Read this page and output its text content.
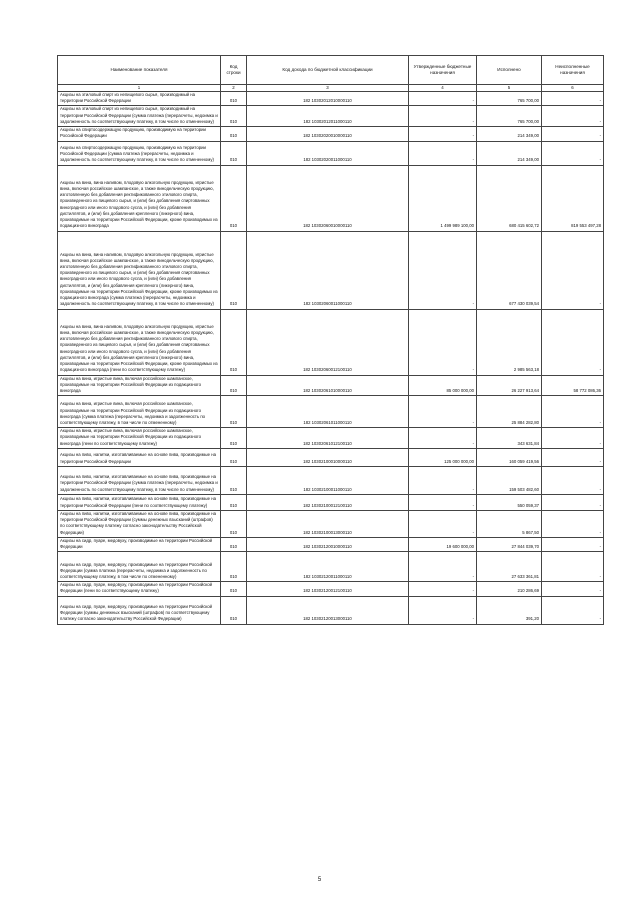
Наименование показателя	Код строки	Код дохода по бюджетной классификации	Утвержденные бюджетные назначения	Исполнено	Неисполненные назначения
1	2	3	4	5	6
Акцизы на этиловый спирт из непищевого сырья, производимый на территории Российской Федерации	010	182 10302012010000110	-	765 700,00	-
Акцизы на этиловый спирт из непищевого сырья, производимый на территории Российской Федерации (сумма платежа (перерасчеты, недоимка и задолженность по соответствующему платежу, в том числе по отмененному)	010	182 10302012011000110	-	765 700,00	-
Акцизы на спиртосодержащую продукцию, производимую на территории Российской Федерации	010	182 10302020010000110	-	214 349,00	-
Акцизы на спиртосодержащую продукцию, производимую на территории Российской Федерации (сумма платежа (перерасчеты, недоимка и задолженность по соответствующему платежу, в том числе по отмененному)	010	182 10302020011000110	-	214 349,00	-
Акцизы на вина, вина наливом, плодовую алкогольную продукцию, игристые вина, включая российское шампанское, а также винодельческую продукцию, изготовленную без добавления ректификованного этилового спирта, произведенного из пищевого сырья, и (или) без добавления спиртованных виноградного или иного плодового сусла, и (или) без добавления дистиллятов, и (или) без добавления крепленого (ликерного) вина, производимые на территории Российской Федерации, кроме производимых из подакцизного винограда	010	182 10302060010000110	1 499 989 100,00	680 415 602,72	819 553 497,28
Акцизы на вина, вина наливом, плодовую алкогольную продукцию, игристые вина, включая российское шампанское, а также винодельческую продукцию, изготовленную без добавления ректификованного этилового спирта, произведенного из пищевого сырья, и (или) без добавления спиртованных виноградного или иного плодового сусла, и (или) без добавления дистиллятов, и (или) без добавления крепленого (ликерного) вина, производимые на территории Российской Федерации, кроме производимых из подакцизного винограда (сумма платежа (перерасчеты, недоимка и задолженность по соответствующему платежу, в том числе по отмененному)	010	182 10302060011000110	-	677 430 039,54	-
Акцизы на вина, вина наливом, плодовую алкогольную продукцию, игристые вина, включая российское шампанское, а также винодельческую продукцию, изготовленную без добавления ректификованного этилового спирта, произведенного из пищевого сырья, и (или) без добавления спиртованных виноградного или иного плодового сусла, и (или) без добавления дистиллятов, и (или) без добавления крепленого (ликерного) вина, производимые на территории Российской Федерации, кроме производимых из подакцизного винограда (пени по соответствующему платежу)	010	182 10302060012100110	-	2 985 563,18	-
Акцизы на вина, игристые вина, включая российское шампанское, производимые на территории Российской Федерации из подакцизного винограда	010	182 10302061010000110	85 000 000,00	26 227 913,64	58 772 086,36
Акцизы на вина, игристые вина, включая российское шампанское, производимые на территории Российской Федерации из подакцизного винограда (сумма платежа (перерасчеты, недоимка и задолженность по соответствующему платежу, в том числе по отмененному)	010	182 10302061011000110	-	25 884 282,80	-
Акцизы на вина, игристые вина, включая российское шампанское, производимые на территории Российской Федерации из подакцизного винограда (пени по соответствующему платежу)	010	182 10302061012100110	-	343 631,84	-
Акцизы на пиво, напитки, изготавливаемые на основе пива, производимые на территории Российской Федерации	010	182 10302100010000110	125 000 000,00	160 059 419,56	-
Акцизы на пиво, напитки, изготавливаемые на основе пива, производимые на территории Российской Федерации (сумма платежа (перерасчеты, недоимка и задолженность по соответствующему платежу, в том числе по отмененному)	010	182 10302100011000110	-	159 503 482,60	-
Акцизы на пиво, напитки, изготавливаемые на основе пива, производимые на территории Российской Федерации (пени по соответствующему платежу)	010	182 10302100012100110	-	550 059,37	-
Акцизы на пиво, напитки, изготавливаемые на основе пива, производимые на территории Российской Федерации (суммы денежных взысканий (штрафов) по соответствующему платежу согласно законодательству Российской Федерации)	010	182 10302100013000110	-	5 867,50	-
Акцизы на сидр, пуаре, медовуху, производимые на территории Российской Федерации	010	182 10302120010000110	19 600 000,00	27 844 039,70	-
Акцизы на сидр, пуаре, медовуху, производимые на территории Российской Федерации (сумма платежа (перерасчеты, недоимка и задолженность по соответствующему платежу, в том числе по отмененному)	010	182 10302120011000110	-	27 633 361,81	-
Акцизы на сидр, пуаре, медовуху, производимые на территории Российской Федерации (пени по соответствующему платежу)	010	182 10302120012100110	-	210 286,69	-
Акцизы на сидр, пуаре, медовуху, производимые на территории Российской Федерации (суммы денежных взысканий (штрафов) по соответствующему платежу согласно законодательству Российской Федерации)	010	182 10302120013000110	-	391,20	-
5
